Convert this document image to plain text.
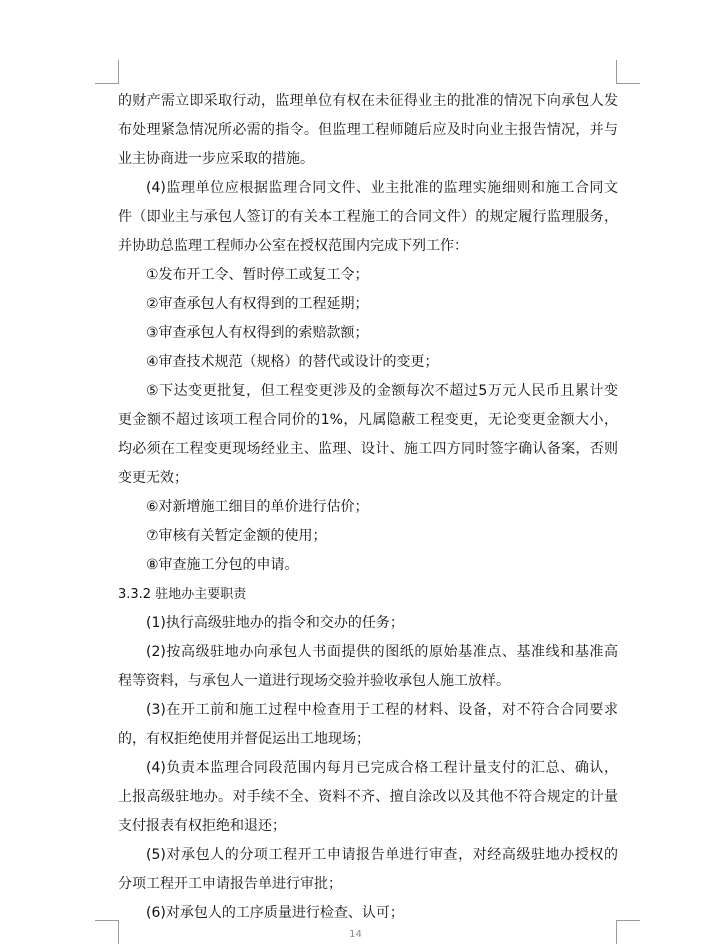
的财产需立即采取行动，监理单位有权在未征得业主的批准的情况下向承包人发
布处理紧急情况所必需的指令。但监理工程师随后应及时向业主报告情况，并与
业主协商进一步应采取的措施。
(4)监理单位应根据监理合同文件、业主批准的监理实施细则和施工合同文
件（即业主与承包人签订的有关本工程施工的合同文件）的规定履行监理服务，
并协助总监理工程师办公室在授权范围内完成下列工作：
①发布开工令、暂时停工或复工令；
②审查承包人有权得到的工程延期；
③审查承包人有权得到的索赔款额；
④审查技术规范（规格）的替代或设计的变更；
⑤下达变更批复，但工程变更涉及的金额每次不超过5万元人民币且累计变
更金额不超过该项工程合同价的1%，凡属隐蔽工程变更，无论变更金额大小，
均必须在工程变更现场经业主、监理、设计、施工四方同时签字确认备案，否则
变更无效；
⑥对新增施工细目的单价进行估价；
⑦审核有关暂定金额的使用；
⑧审查施工分包的申请。
3.3.2 驻地办主要职责
(1)执行高级驻地办的指令和交办的任务；
(2)按高级驻地办向承包人书面提供的图纸的原始基准点、基准线和基准高
程等资料，与承包人一道进行现场交验并验收承包人施工放样。
(3)在开工前和施工过程中检查用于工程的材料、设备，对不符合合同要求
的，有权拒绝使用并督促运出工地现场；
(4)负责本监理合同段范围内每月已完成合格工程计量支付的汇总、确认，
上报高级驻地办。对手续不全、资料不齐、擅自涂改以及其他不符合规定的计量
支付报表有权拒绝和退还；
(5)对承包人的分项工程开工申请报告单进行审查，对经高级驻地办授权的
分项工程开工申请报告单进行审批；
(6)对承包人的工序质量进行检查、认可；
14
